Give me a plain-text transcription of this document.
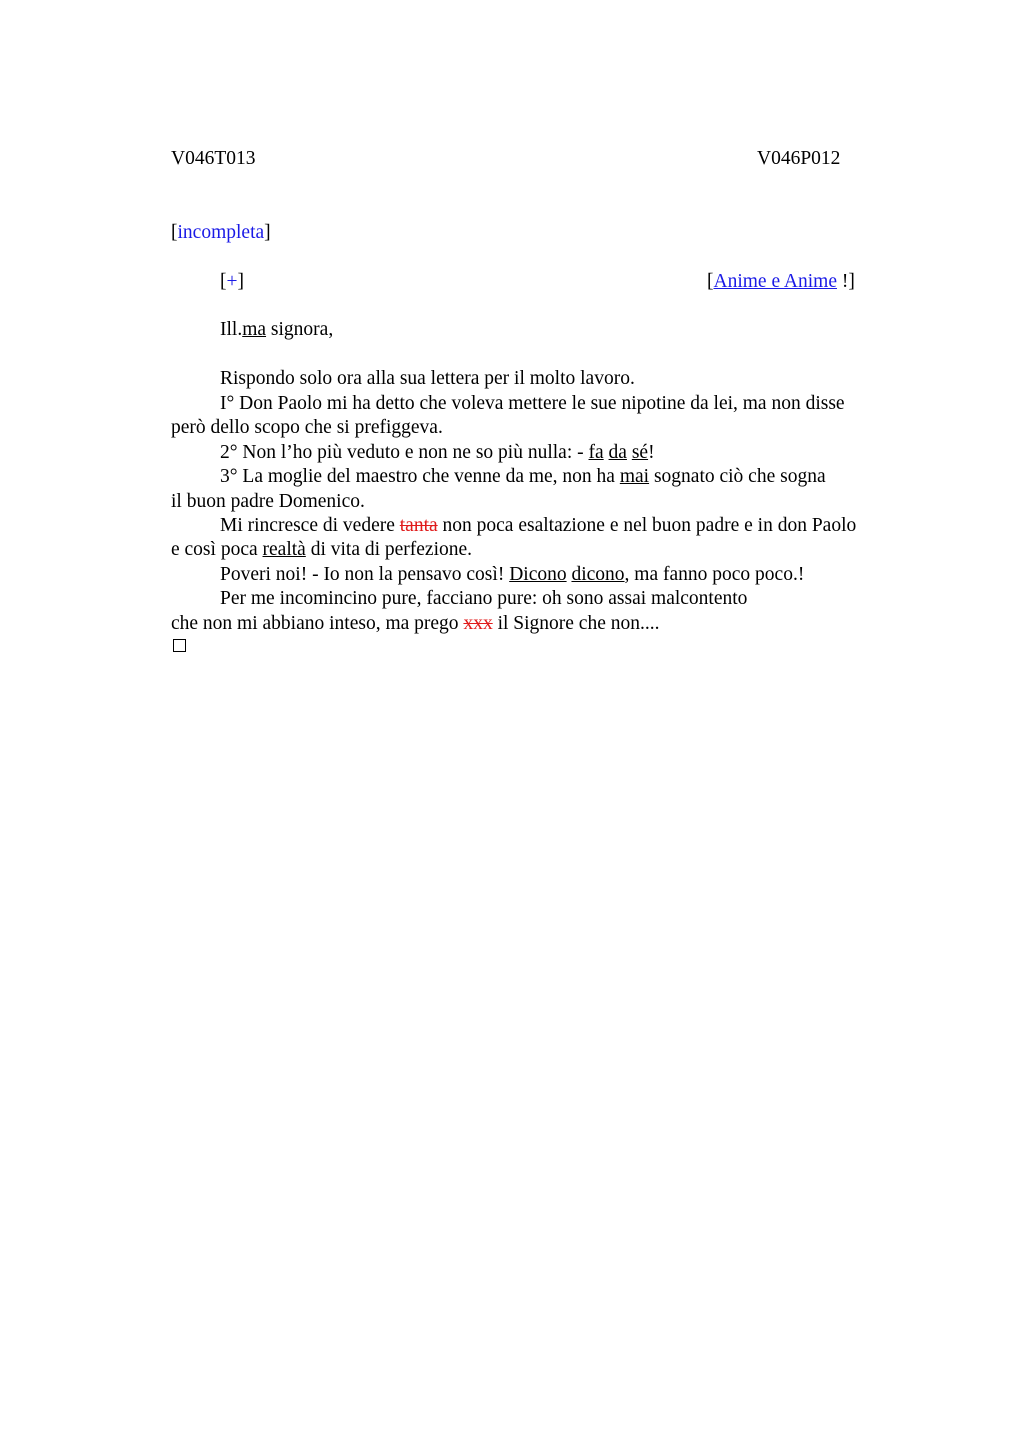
V046T013	V046P012
[incompleta]
[+]	[Anime e Anime !]
Ill.ma signora,
Rispondo solo ora alla sua lettera per il molto lavoro.
I° Don Paolo mi ha detto che voleva mettere le sue nipotine da lei, ma non disse
però dello scopo che si prefiggeva.
2° Non l’ho più veduto e non ne so più nulla: - fa da sé!
3° La moglie del maestro che venne da me, non ha mai sognato ciò che sogna
il buon padre Domenico.
Mi rincresce di vedere tanta non poca esaltazione e nel buon padre e in don Paolo
e così poca realtà di vita di perfezione.
Poveri noi! - Io non la pensavo così! Dicono dicono, ma fanno poco poco.!
Per me incomincino pure, facciano pure: oh sono assai malcontento
che non mi abbiano inteso, ma prego xxx il Signore che non....
